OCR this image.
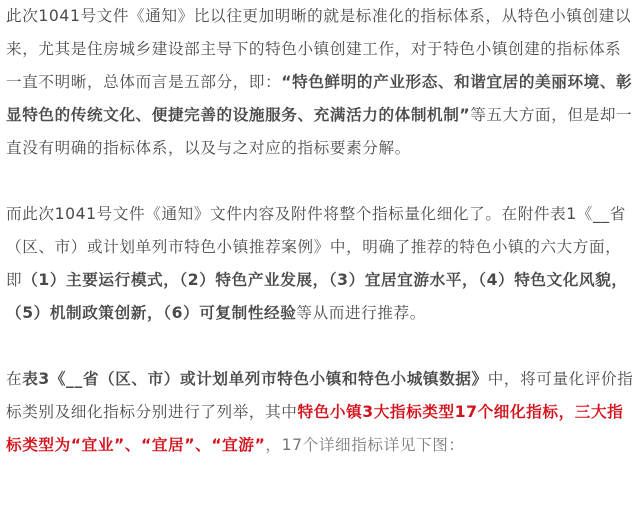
此次1041号文件《通知》比以往更加明晰的就是标准化的指标体系，从特色小镇创建以来，尤其是住房城乡建设部主导下的特色小镇创建工作，对于特色小镇创建的指标体系一直不明晰，总体而言是五部分，即：“特色鲜明的产业形态、和谐宜居的美丽环境、彰显特色的传统文化、便捷完善的设施服务、充满活力的体制机制”等五大方面，但是却一直没有明确的指标体系，以及与之对应的指标要素分解。

而此次1041号文件《通知》文件内容及附件将整个指标量化细化了。在附件表1《__省（区、市）或计划单列市特色小镇推荐案例》中，明确了推荐的特色小镇的六大方面，即（1）主要运行模式，（2）特色产业发展，（3）宜居宜游水平，（4）特色文化风貌，（5）机制政策创新，（6）可复制性经验等从而进行推荐。

在表3《__省（区、市）或计划单列市特色小镇和特色小城镇数据》中，将可量化评价指标类别及细化指标分别进行了列举，其中特色小镇3大指标类型17个细化指标，三大指标类型为“宜业”、“宜居”、“宜游”，17个详细指标详见下图：
